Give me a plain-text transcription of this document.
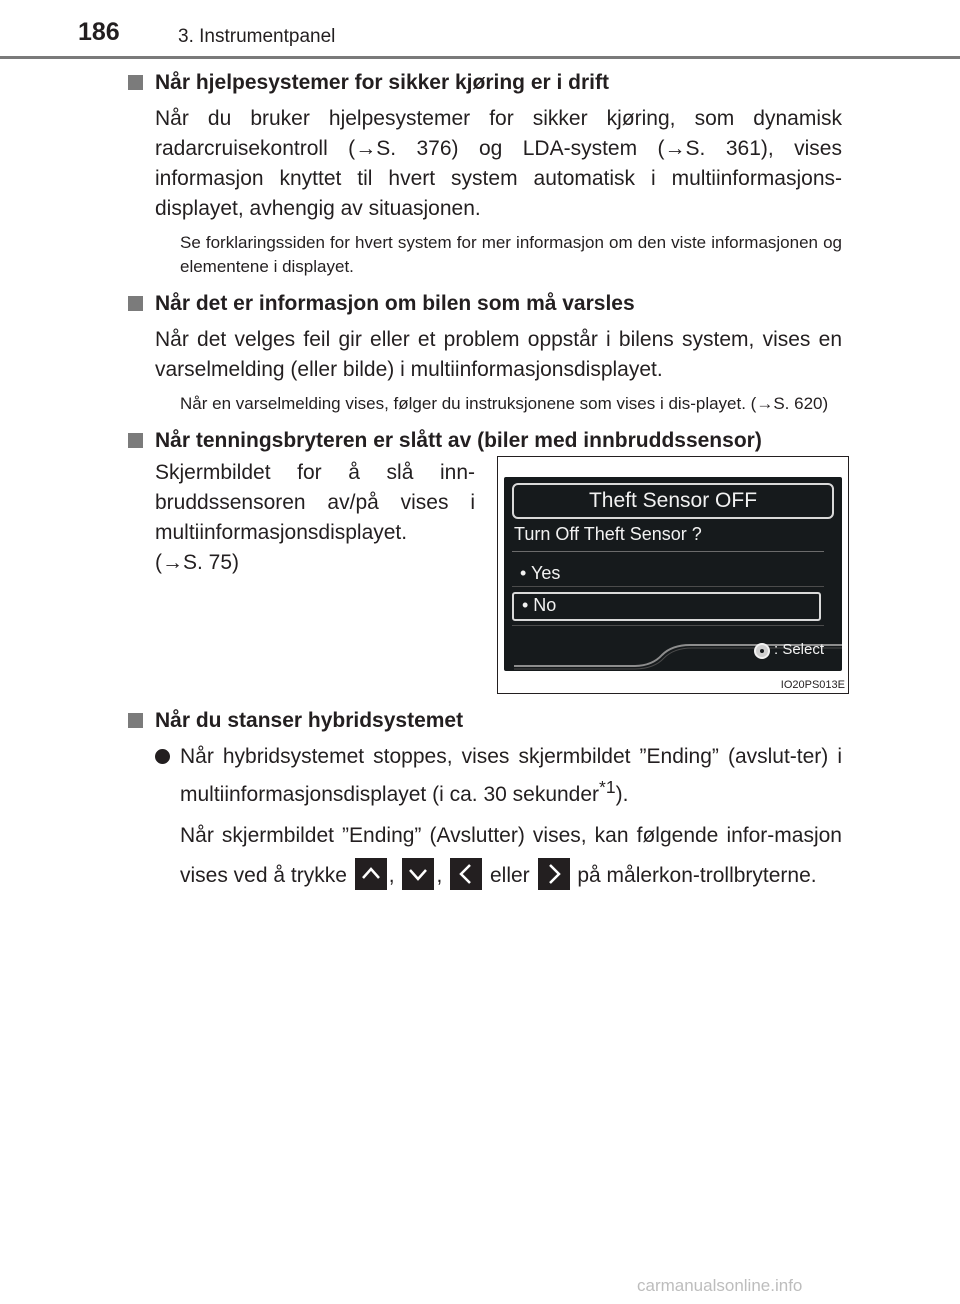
186	3. Instrumentpanel
Når hjelpesystemer for sikker kjøring er i drift
Når du bruker hjelpesystemer for sikker kjøring, som dynamisk radarcruisekontroll (→S. 376) og LDA-system (→S. 361), vises informasjon knyttet til hvert system automatisk i multiinformasjons-displayet, avhengig av situasjonen.
Se forklaringssiden for hvert system for mer informasjon om den viste informasjonen og elementene i displayet.
Når det er informasjon om bilen som må varsles
Når det velges feil gir eller et problem oppstår i bilens system, vises en varselmelding (eller bilde) i multiinformasjonsdisplayet.
Når en varselmelding vises, følger du instruksjonene som vises i dis-playet. (→S. 620)
Når tenningsbryteren er slått av (biler med innbruddssensor)
Skjermbildet for å slå inn-bruddssensoren av/på vises i multiinformasjonsdisplayet.
(→S. 75)
Theft Sensor OFF
Turn Off Theft Sensor ?
• Yes
• No
: Select
IO20PS013E
Når du stanser hybridsystemet
Når hybridsystemet stoppes, vises skjermbildet ”Ending” (avslut-ter) i multiinformasjonsdisplayet (i ca. 30 sekunder$^{*1}$).
Når skjermbildet ”Ending” (Avslutter) vises, kan følgende infor-masjon vises ved å trykke , , eller på målerkon-trollbryterne.
carmanualsonline.info
